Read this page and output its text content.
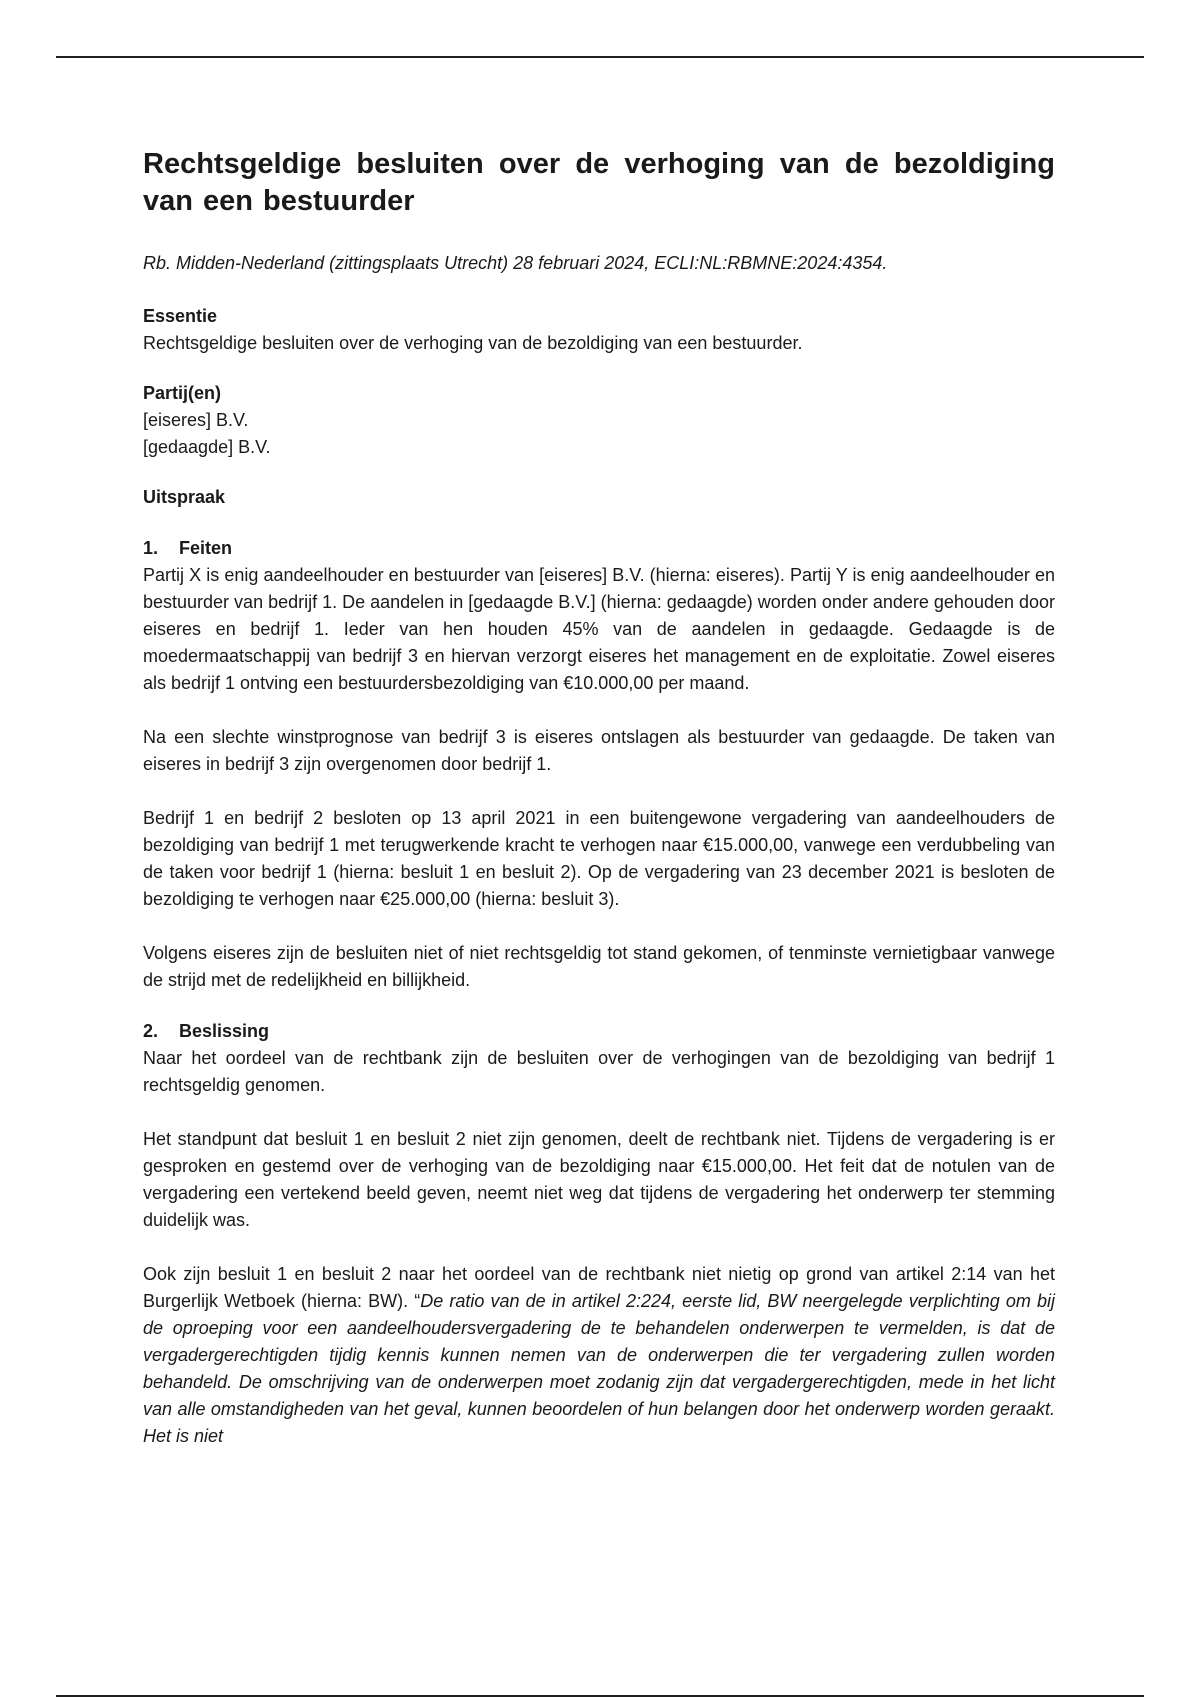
Rechtsgeldige besluiten over de verhoging van de bezoldiging van een bestuurder
Rb. Midden-Nederland (zittingsplaats Utrecht) 28 februari 2024, ECLI:NL:RBMNE:2024:4354.
Essentie
Rechtsgeldige besluiten over de verhoging van de bezoldiging van een bestuurder.
Partij(en)
[eiseres] B.V.
[gedaagde] B.V.
Uitspraak
1. Feiten

Partij X is enig aandeelhouder en bestuurder van [eiseres] B.V. (hierna: eiseres). Partij Y is enig aandeelhouder en bestuurder van bedrijf 1. De aandelen in [gedaagde B.V.] (hierna: gedaagde) worden onder andere gehouden door eiseres en bedrijf 1. Ieder van hen houden 45% van de aandelen in gedaagde. Gedaagde is de moedermaatschappij van bedrijf 3 en hiervan verzorgt eiseres het management en de exploitatie. Zowel eiseres als bedrijf 1 ontving een bestuurdersbezoldiging van €10.000,00 per maand.

Na een slechte winstprognose van bedrijf 3 is eiseres ontslagen als bestuurder van gedaagde. De taken van eiseres in bedrijf 3 zijn overgenomen door bedrijf 1.

Bedrijf 1 en bedrijf 2 besloten op 13 april 2021 in een buitengewone vergadering van aandeelhouders de bezoldiging van bedrijf 1 met terugwerkende kracht te verhogen naar €15.000,00, vanwege een verdubbeling van de taken voor bedrijf 1 (hierna: besluit 1 en besluit 2). Op de vergadering van 23 december 2021 is besloten de bezoldiging te verhogen naar €25.000,00 (hierna: besluit 3).

Volgens eiseres zijn de besluiten niet of niet rechtsgeldig tot stand gekomen, of tenminste vernietigbaar vanwege de strijd met de redelijkheid en billijkheid.

2. Beslissing

Naar het oordeel van de rechtbank zijn de besluiten over de verhogingen van de bezoldiging van bedrijf 1 rechtsgeldig genomen.

Het standpunt dat besluit 1 en besluit 2 niet zijn genomen, deelt de rechtbank niet. Tijdens de vergadering is er gesproken en gestemd over de verhoging van de bezoldiging naar €15.000,00. Het feit dat de notulen van de vergadering een vertekend beeld geven, neemt niet weg dat tijdens de vergadering het onderwerp ter stemming duidelijk was.

Ook zijn besluit 1 en besluit 2 naar het oordeel van de rechtbank niet nietig op grond van artikel 2:14 van het Burgerlijk Wetboek (hierna: BW). “De ratio van de in artikel 2:224, eerste lid, BW neergelegde verplichting om bij de oproeping voor een aandeelhoudersvergadering de te behandelen onderwerpen te vermelden, is dat de vergadergerechtigden tijdig kennis kunnen nemen van de onderwerpen die ter vergadering zullen worden behandeld. De omschrijving van de onderwerpen moet zodanig zijn dat vergadergerechtigden, mede in het licht van alle omstandigheden van het geval, kunnen beoordelen of hun belangen door het onderwerp worden geraakt. Het is niet
